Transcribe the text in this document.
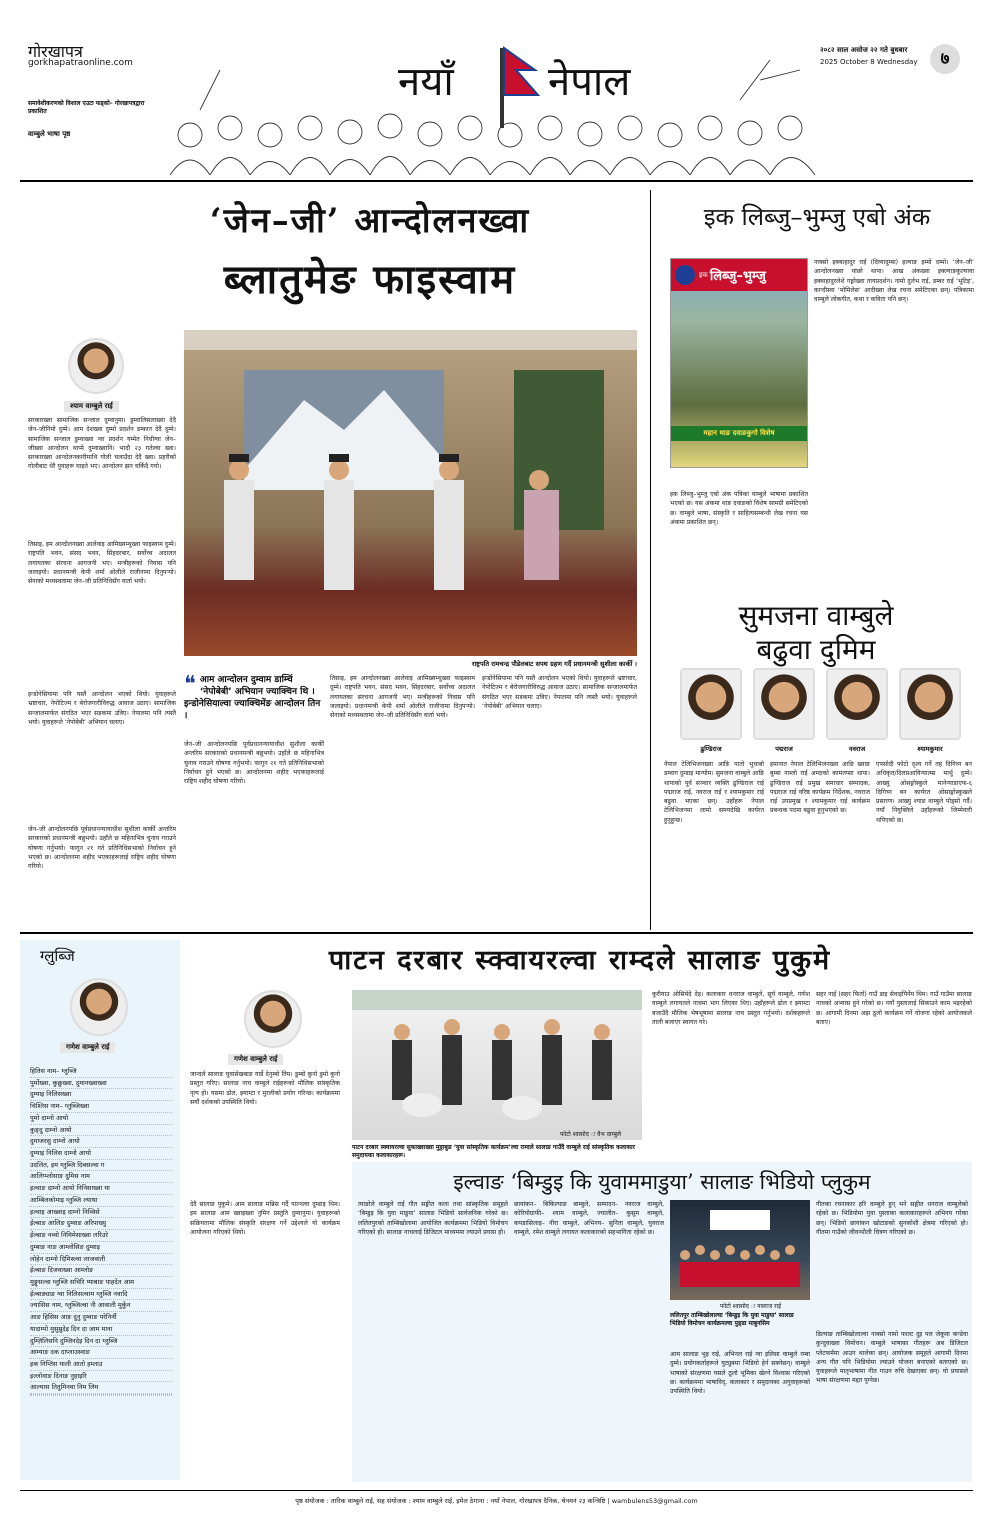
गोरखापत्र
gorkhapatraonline.com
समावेशीकरणको विशाल एउटा फड्को– गोरखापत्रद्वारा प्रकाशित
वाम्बुले भाषा पृष्ठ
नयाँ नेपाल
२०८२ साल असोज २२ गते बुधबार
2025 October 8 Wednesday	७
‘जेन–जी’ आन्दोलनख्वा
ब्लातुमेङ फाइस्वाम
श्याम वाम्बुले राई
सरकारख्वा सामाजिक सन्जाल दुम्वानुमा। डुम्वालिसलाख्वा देदै जेन–जीनिमो दुम्मे। आम देशख्वा दुम्मो प्रदर्शन डम्कान देदै दुम्मे। सामाजिक सन्जाल डुम्वाख्वा न्वा प्रदर्शन यम्मेत निधीग्वा जेन–जीख्वा आन्दोलन थाप्मे दुम्वाख्वानि। भादौ २३ गतेल्वा ख्वा। सरकारख्वा आन्दोलनकारीमाथि गोली चलाउँदा देदै ख्वा। प्रहरीको गोलीबाट धेरै युवाहरू घाइते भए। आन्दोलन झन चर्किदै गयो।
तिसाइ, इम आन्दोलनख्वा आलेवाइ आमिख्यम्थुख्वा फाइस्वाम दुम्मे। राष्ट्रपति भवन, संसद भवन, सिंहदरबार, सर्वोच्च अदालत लगायतका संरचना आगजनी भए। मन्त्रीहरूको निवास पनि जलाइयो। प्रधानमन्त्री केपी शर्मा ओलीले राजीनामा दिनुपर्‍यो। सेनाको मध्यस्थतामा जेन–जी प्रतिनिधिसँग वार्ता भयो।
इन्डोनेसियामा पनि यस्तै आन्दोलन भएको थियो। युवाहरूले भ्रष्टाचार, नेपोटिज्म र बेरोजगारीविरुद्ध आवाज उठाए। सामाजिक सन्जालमार्फत संगठित भएर सडकमा उत्रिए। नेपालमा पनि त्यस्तै भयो। युवाहरूले ‘नेपोबेबी’ अभियान चलाए।
जेन–जी आन्दोलनपछि पूर्वप्रधानन्यायाधीश सुशीला कार्की अन्तरिम सरकारको प्रधानमन्त्री बन्नुभयो। उहाँले छ महिनाभित्र चुनाव गराउने घोषणा गर्नुभयो। फागुन २१ गते प्रतिनिधिसभाको निर्वाचन हुने भएको छ। आन्दोलनमा शहीद भएकाहरूलाई राष्ट्रिय शहीद घोषणा गरियो।
राष्ट्रपति रामचन्द्र पौडेलबाट सपथ ग्रहण गर्दै प्रधानमन्त्री सुशीला कार्की ।
❝ आम आन्दोलन दुम्वाम डाम्चिं ‘नेपोबेबी’ अभियान ज्याक्चिन थि । इन्डोनेसियाल्वा ज्याक्चिमेंङ आन्दोलन तिन ।
जेन–जी आन्दोलनपछि पूर्वप्रधानन्यायाधीश सुशीला कार्की अन्तरिम सरकारको प्रधानमन्त्री बन्नुभयो। उहाँले छ महिनाभित्र चुनाव गराउने घोषणा गर्नुभयो। फागुन २१ गते प्रतिनिधिसभाको निर्वाचन हुने भएको छ। आन्दोलनमा शहीद भएकाहरूलाई राष्ट्रिय शहीद घोषणा गरियो।
तिसाइ, इम आन्दोलनख्वा आलेवाइ आमिख्यम्थुख्वा फाइस्वाम दुम्मे। राष्ट्रपति भवन, संसद भवन, सिंहदरबार, सर्वोच्च अदालत लगायतका संरचना आगजनी भए। मन्त्रीहरूको निवास पनि जलाइयो। प्रधानमन्त्री केपी शर्मा ओलीले राजीनामा दिनुपर्‍यो। सेनाको मध्यस्थतामा जेन–जी प्रतिनिधिसँग वार्ता भयो।
इन्डोनेसियामा पनि यस्तै आन्दोलन भएको थियो। युवाहरूले भ्रष्टाचार, नेपोटिज्म र बेरोजगारीविरुद्ध आवाज उठाए। सामाजिक सन्जालमार्फत संगठित भएर सडकमा उत्रिए। नेपालमा पनि त्यस्तै भयो। युवाहरूले ‘नेपोबेबी’ अभियान चलाए।
इक लिब्जु–भुम्जु एबो अंक
इक लिब्जु–भुम्जु
महान थाङ दवाङकुगो विशेष
इक लिब्जु–भुम्जु एबो अंक पत्रिका वाम्बुले भाषामा प्रकाशित भएको छ। यस अंकमा थाङ दवाङको विशेष सामग्री समेटिएको छ। वाम्बुले भाषा, संस्कृति र साहित्यसम्बन्धी लेख रचना यस अंकमा प्रकाशित छन्।
नाक्सो इक्बाहादुर राई (दिव्यादुम्बा) इल्वाङ इम्मो दम्मो। ‘जेन–जी’ आन्दोलनख्वा यांछो थापा। आख अंकख्वा इक्ल्याङकुल्यावा इक्वाहादुरलेशे गङ्गोख्वा तायप्रदर्शन। नामो दुर्लभ राई, डम्बर राई ‘भूटिइ’, कान्दीस्वा ‘मोमिलेस’ आदीख्वा लेख रचना समेटिएका छन्। पत्रिकामा वाम्बुले लोकगीत, कथा र कविता पनि छन्।
सुमजना वाम्बुले
बढुवा दुमिम
ढुण्डिराज	पद्मराज	नवराज	श्यामकुमार
नेपाल टेलिभिजनख्वा आङि पातो भुचाबो डम्वाग दुम्डाइ मान्योम। सुमजना वाम्बुले आङि थापाको पूर्व सञ्चार व्यक्ति ढुण्डिराज राई पद्मराज राई, नवराज राई र श्यामकुमार राई बढुवा भएका छन्। उहाँहरू नेपाल टेलिभिजनमा लामो समयदेखि कार्यरत हुनुहुन्छ।
इमानात नेपाल टेलिभिजनख्वा आङि ख्वाङ बुम्बा नाम्लो राई अम्दाको कामतप्सा थापा। ढुण्डिराज राई प्रमुख समाचार सम्पादक, पद्मराज राई वरिष्ठ कार्यक्रम निर्देशक, नवराज राई उपप्रमुख र श्यामकुमार राई कार्यक्रम प्रबन्धक पदमा बढुवा हुनुभएको छ।
एपसोदी फोटो दृश्य गर्ने तह दिगिच्न बन अधिकृत/दिलप्रआविन्यात्म्स मार्थु दुम्मे। आख्यु ओसङ्गोस्कुले मानेन्याडाएफ-६ दिगिच्न बन कार्यरत ओसाङ्गोस्कुखले प्रसारण। आख्यु श्याङ वाम्बुले पोड्सो गर्दै। नयाँ नियुक्तिले उहाँहरूको जिम्मेवारी थपिएको छ।
ग्लुब्जि
गणेश वाम्बुले राई
हितिस नाम– ग्लुब्जि
पुर्मोख्वा, कुक्रुख्वा, दुमानख्वाख्वा
दुम्याइ निलिसख्वा
चिश्तिस नाम– ग्लुब्जिख्वा
पुमो दाम्नो आयो
कुङ्दु दाम्नो आयो
दुमाजरसु दाम्नो आयो
दुम्याइ निलिस दाम्नो आयो
उदलित, इम ग्लुब्जि दिबसल्वा ग
आलिप्प्लोसाङ दुमिस नाम
इल्वाङ दाम्नो आयो निनिसाख्वा या
आम्बिलकोमाइ ग्लुब्जि ल्याथा
इल्वाइ आख्वाइ दाम्नो निव्विसे
ईल्बाङ आलिङ दुम्वाङ अरिपाख्यु
ईल्बाङ नव्वो निमिमेसाख्वा लरिउरे
दुम्बाङ नाङ आम्लोसिङ दुम्वाइ
लोहेन दाम्नो दिमिस्ल्वा लाजवाती
ईल्बाङ दिजवाख्वा आम्लोङ
मुङ्गुसल्वा ग्लुब्जि सचिरि प्याबाङ पाहदेत आम
ईल्बाङ्याङ ग्वा निलिसल्वाम ग्लुब्जि नवादि
ज्यासिस नाम, ग्लुब्जिल्वा नी आवाली मुर्कुन
आङ हिसिस आङ दुनु दुम्वाङ परेनिर्नी
यादाम्पो मुसुम्रुदेइ दिन दा जाम माना
दुम्ज़िलिसनि दुम्जिनदेइ दिन दा ग्लुब्जि
आम्याङ दक दाप्लाउस्वाङ
इक निप्तिस याली आतो हम्लाउ
इल्लोवाङ दिनाङ नुहाइरि
आल्यास तितुमिनवा निम लिम
पाटन दरबार स्क्वायरल्वा राम्दले सालाङ पुकुमे
गणेश वाम्बुले राई
जान्दले सालाङ चुवासेखबाङ यार्डे देनुम्बो तिम। डुम्बो कुनो डुमो कुनो प्रस्तुत गरिए। सालाङ नाच वाम्बुले राईहरूको मौलिक सांस्कृतिक नृत्य हो। यसमा ढोल, झ्याम्टा र मुरलीको प्रयोग गरिन्छ। कार्यक्रममा सयौं दर्शकको उपस्थिति थियो।
फोटो श्वासोद ः वैभ वाम्बुले
पाटन दरबार स्क्वायरल्वा सुकाख्वाख्वा मुठ्ठाबुङ ‘युवा सांस्कृतिक कार्यक्रम’ल्वा राम्दले सालाङ गाउँदै वाम्बुले राई सांस्कृतिक कलाकार समुदायका कलाकारहरू।
कुरीयाउ ओसिमेदे देइ। कलाकार धनराज वाम्बुले, सूर्य वाम्बुले, गणेश वाम्बुले लगायतले नाचमा भाग लिएका थिए। उहाँहरूले ढोल र झ्याम्टा बजाउँदै मौलिक भेषभूषामा सालाङ नाच प्रस्तुत गर्नुभयो। दर्शकहरूले ताली बजाएर स्वागत गरे।
सहर नाई (सहर फिर्ता) गाउँ डाइ सेवाइपिर्नेम थिम। गाउँ गाउँमा सालाङ नाचको अभ्यास हुने गरेको छ। नयाँ पुस्तालाई सिकाउने काम भइरहेको छ। आगामी दिनमा अझ ठूलो कार्यक्रम गर्ने योजना रहेको आयोजकले बताए।
इल्वाङ ‘बिम्डुइ कि युवाममाडुया’ सालाङ भिडियो प्लुकुम
देदै सालाङ पुकुमे। आम सालाङ मन्निस गर्दै पाल्नत्वा दुम्डाइ थिम। इम सालाङ आम ख्वाइख्वा नुमिन प्रस्तुति दुम्वानुमा। युवाहरूको सक्रियतामा मौलिक संस्कृति संरक्षण गर्ने उद्देश्यले यो कार्यक्रम आयोजना गरिएको थियो।
त्याङोले वाम्बुले राई गीत सङ्गीत कला तथा सांस्कृतिक समूहले ‘बिम्डुइ कि युवा माडुया’ सालाङ भिडियो सार्वजनिक गरेको छ। ललितपुरको ताम्बिखोलामा आयोजित कार्यक्रममा भिडियो विमोचन गरिएको हो। सालाङ नाचलाई डिजिटल माध्यममा ल्याउने प्रयास हो।
छायांकन– बिकिल्याङ बाम्बुले, सम्पादन– नवराज वाम्बुले, कोरियोग्राफी– श्याम वाम्बुले, ज्यालीत– कुसुम वाम्बुले, कपडासिलाइ– नीरा वाम्बुले, अभिनय– सुनिता वाम्बुले, युवराज वाम्बुले, रमेश वाम्बुले लगायत कलाकारको सहभागिता रहेको छ।
फोटो श्वासोद ः नवराज राई
ललितपुर ताम्बिखोलाल्वा ‘बिम्डुइ कि युवा माडुया’ सालाङ भिडियो विमोचन कार्यक्रमल्वा पुङ्डा माबुनसिम
आम सालाङ भुइ राई, अभिनल राई न्वा इलिसा वाम्बुले रम्बा दुम्मे। प्रयोगकर्ताहरूले युट्युबमा भिडियो हेर्न सक्नेछन्। वाम्बुले भाषाको संरक्षणमा यसले ठूलो भूमिका खेल्ने विश्वास गरिएको छ। कार्यक्रममा भाषाविद्, कलाकार र समुदायका अगुवाहरूको उपस्थिति थियो।
गीतका रचनाकार हरि वाम्बुले हुन् भने सङ्गीत धनराज वाम्बुलेको रहेको छ। भिडियोमा युवा पुस्ताका कलाकारहरूले अभिनय गरेका छन्। भिडियो छायांकन खोटाङको सुनकोशी क्षेत्रमा गरिएको हो। गीतमा गाउँको जीवनशैली चित्रण गरिएको छ।
डिल्याङ ताम्बिखोलाल्वा नाक्सो नामो फाल्ट दुइ पल जेकूवा कन्डेवा कुन्दुवाख्वा विमोचन। वाम्बुले भाषाका गीतहरू अब डिजिटल प्लेटफर्ममा आउन थालेका छन्। आयोजक समूहले आगामी दिनमा अन्य गीत पनि भिडियोमा ल्याउने योजना बनाएको बताएको छ। युवाहरूले मातृभाषामा गीत गाउन रुचि देखाएका छन्। यो प्रयासले भाषा संरक्षणमा मद्दत पुग्नेछ।
पृष्ठ संयोजक : तारिक वाम्बुले राई, सह संयोजक : श्याम वाम्बुले राई, इमेल ठेगाना : नयाँ नेपाल, गोरखापत्र दैनिक, थेनमनं २३ कन्त्रिष्टि | wambulens53@gmail.com
